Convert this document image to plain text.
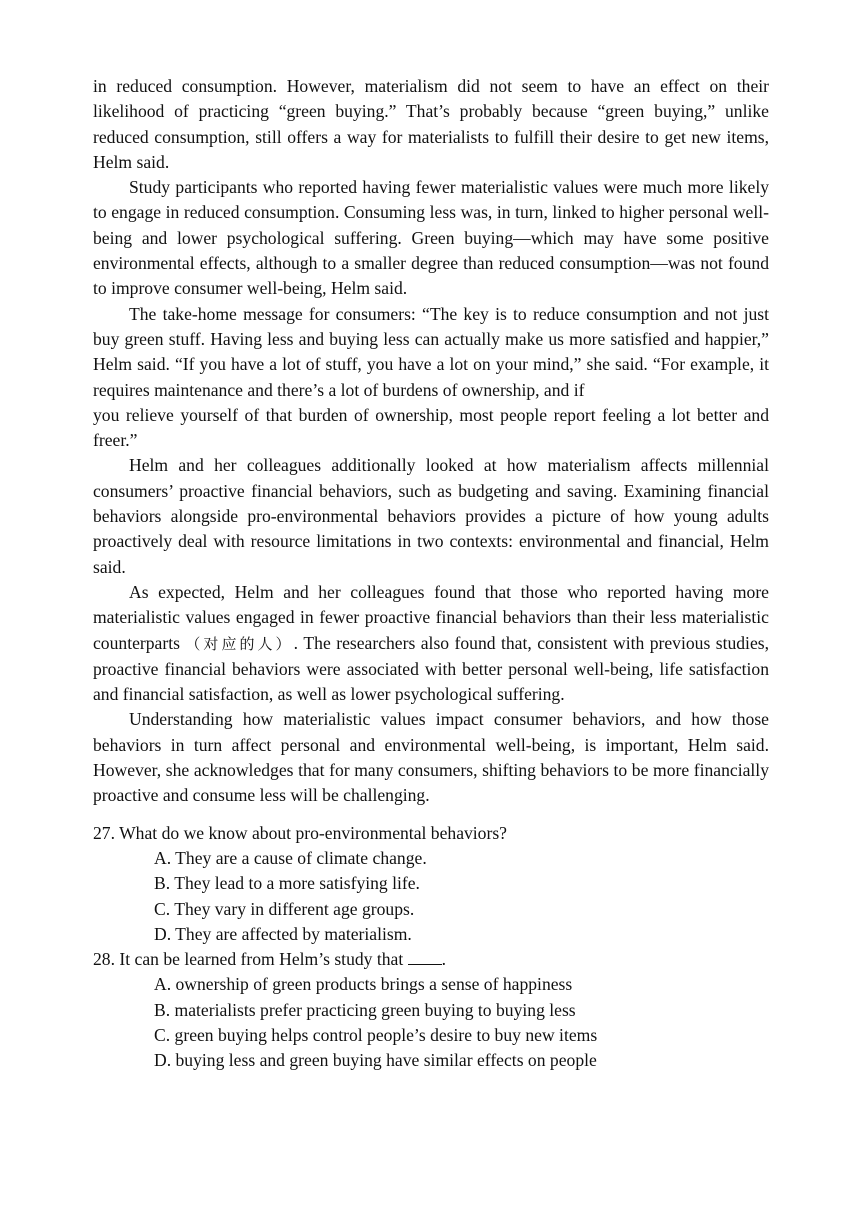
in reduced consumption. However, materialism did not seem to have an effect on their likelihood of practicing “green buying.” That’s probably because “green buying,” unlike reduced consumption, still offers a way for materialists to fulfill their desire to get new items, Helm said.

Study participants who reported having fewer materialistic values were much more likely to engage in reduced consumption. Consuming less was, in turn, linked to higher personal well-being and lower psychological suffering. Green buying—which may have some positive environmental effects, although to a smaller degree than reduced consumption—was not found to improve consumer well-being, Helm said.

The take-home message for consumers: “The key is to reduce consumption and not just buy green stuff. Having less and buying less can actually make us more satisfied and happier,” Helm said. “If you have a lot of stuff, you have a lot on your mind,” she said. “For example, it requires maintenance and there’s a lot of burdens of ownership, and if

you relieve yourself of that burden of ownership, most people report feeling a lot better and freer.”

Helm and her colleagues additionally looked at how materialism affects millennial consumers’ proactive financial behaviors, such as budgeting and saving. Examining financial behaviors alongside pro-environmental behaviors provides a picture of how young adults proactively deal with resource limitations in two contexts: environmental and financial, Helm said.

As expected, Helm and her colleagues found that those who reported having more materialistic values engaged in fewer proactive financial behaviors than their less materialistic counterparts （对应的人）. The researchers also found that, consistent with previous studies, proactive financial behaviors were associated with better personal well-being, life satisfaction and financial satisfaction, as well as lower psychological suffering.

Understanding how materialistic values impact consumer behaviors, and how those behaviors in turn affect personal and environmental well-being, is important, Helm said. However, she acknowledges that for many consumers, shifting behaviors to be more financially proactive and consume less will be challenging.

27. What do we know about pro-environmental behaviors?

A. They are a cause of climate change.

B. They lead to a more satisfying life.

C. They vary in different age groups.

D. They are affected by materialism.

28. It can be learned from Helm’s study that .

A. ownership of green products brings a sense of happiness

B. materialists prefer practicing green buying to buying less

C. green buying helps control people’s desire to buy new items

D. buying less and green buying have similar effects on people
